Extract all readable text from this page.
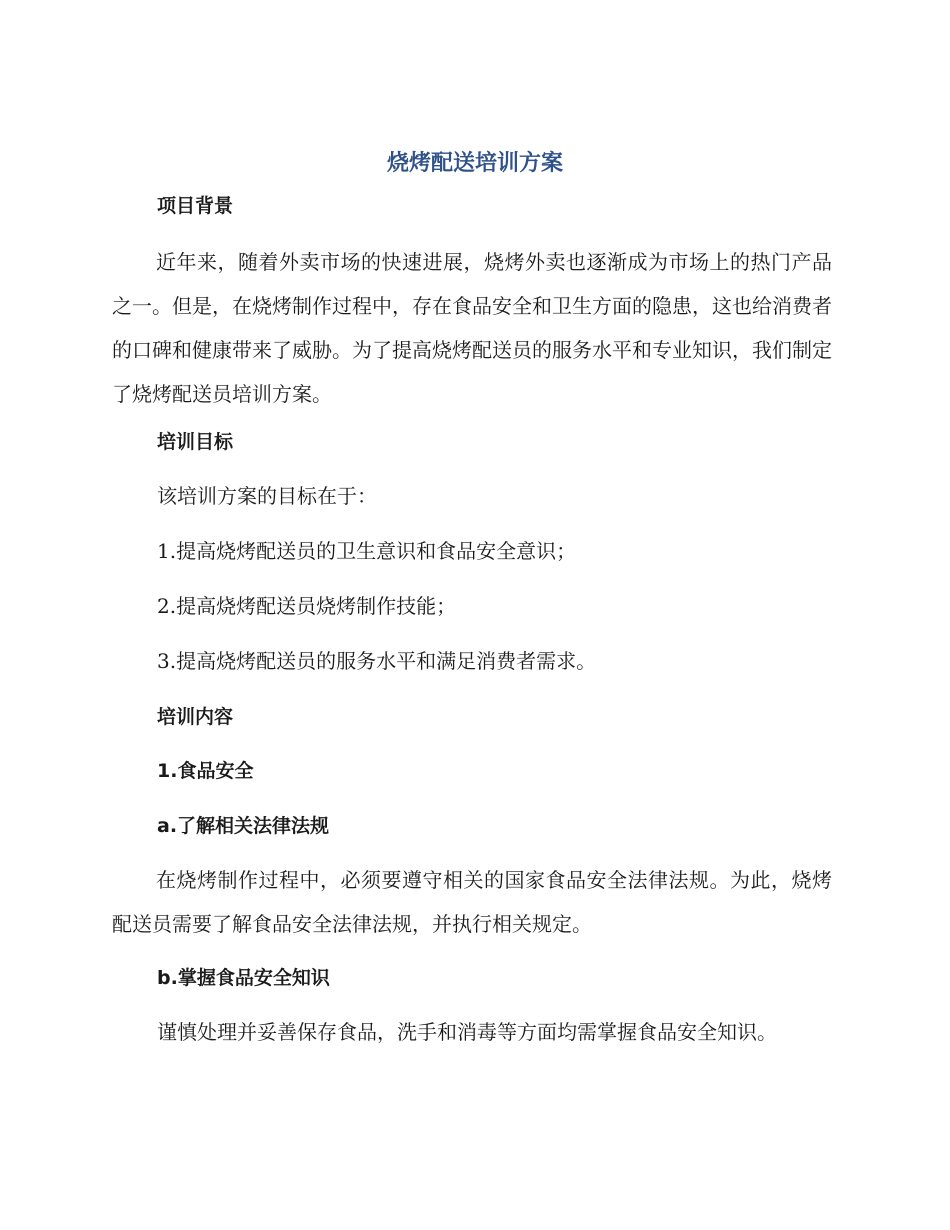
烧烤配送培训方案
项目背景
近年来，随着外卖市场的快速进展，烧烤外卖也逐渐成为市场上的热门产品之一。但是，在烧烤制作过程中，存在食品安全和卫生方面的隐患，这也给消费者的口碑和健康带来了威胁。为了提高烧烤配送员的服务水平和专业知识，我们制定了烧烤配送员培训方案。
培训目标
该培训方案的目标在于：
1.提高烧烤配送员的卫生意识和食品安全意识；
2.提高烧烤配送员烧烤制作技能；
3.提高烧烤配送员的服务水平和满足消费者需求。
培训内容
1.食品安全
a.了解相关法律法规
在烧烤制作过程中，必须要遵守相关的国家食品安全法律法规。为此，烧烤配送员需要了解食品安全法律法规，并执行相关规定。
b.掌握食品安全知识
谨慎处理并妥善保存食品，洗手和消毒等方面均需掌握食品安全知识。
